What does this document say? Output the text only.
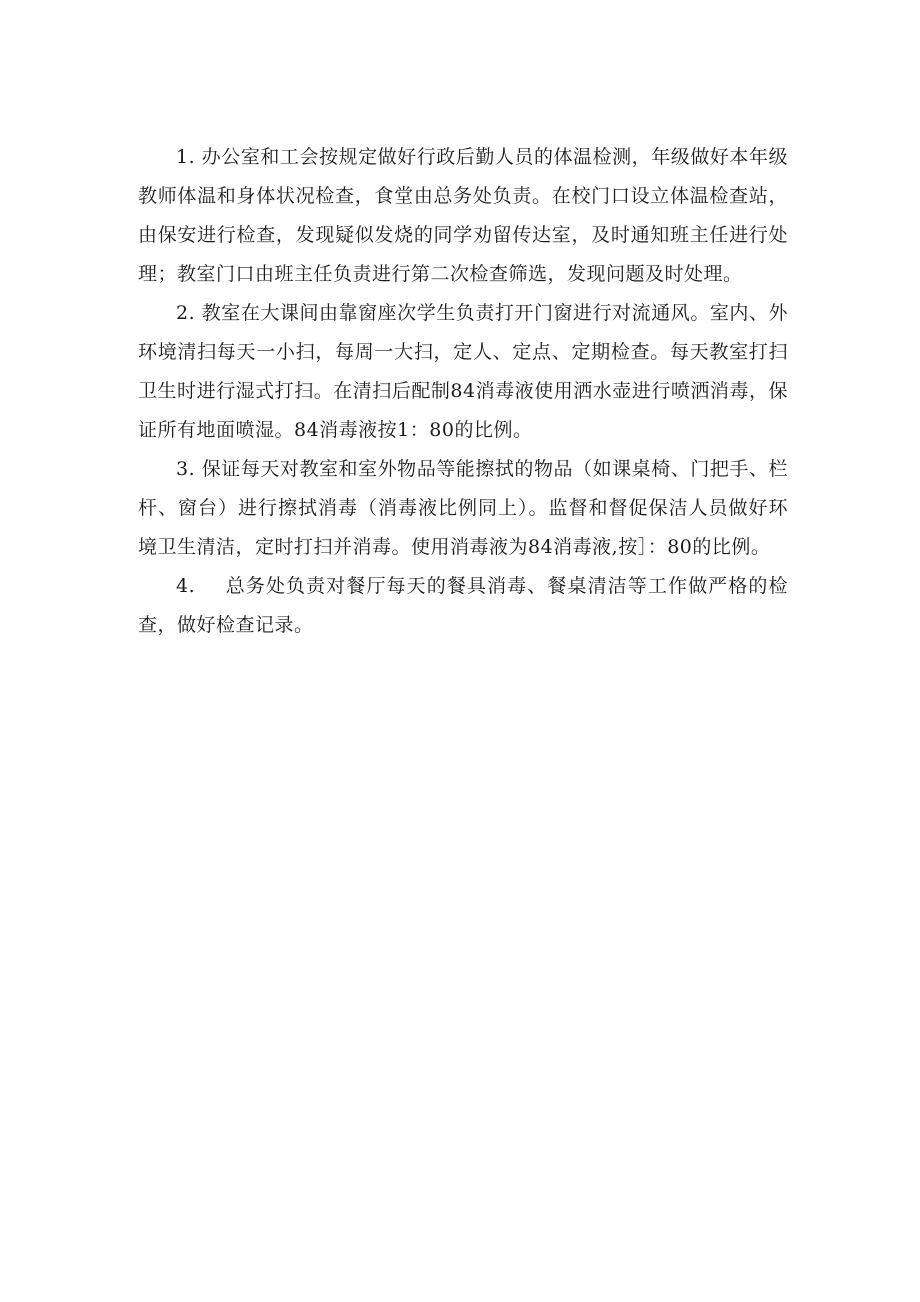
1. 办公室和工会按规定做好行政后勤人员的体温检测，年级做好本年级教师体温和身体状况检查，食堂由总务处负责。在校门口设立体温检查站，由保安进行检查，发现疑似发烧的同学劝留传达室，及时通知班主任进行处理；教室门口由班主任负责进行第二次检查筛选，发现问题及时处理。

2. 教室在大课间由靠窗座次学生负责打开门窗进行对流通风。室内、外环境清扫每天一小扫，每周一大扫，定人、定点、定期检查。每天教室打扫卫生时进行湿式打扫。在清扫后配制84消毒液使用洒水壶进行喷洒消毒，保证所有地面喷湿。84消毒液按1：80的比例。

3. 保证每天对教室和室外物品等能擦拭的物品（如课桌椅、门把手、栏杆、窗台）进行擦拭消毒（消毒液比例同上）。监督和督促保洁人员做好环境卫生清洁，定时打扫并消毒。使用消毒液为84消毒液,按］：80的比例。

4. 总务处负责对餐厅每天的餐具消毒、餐桌清洁等工作做严格的检查，做好检查记录。
